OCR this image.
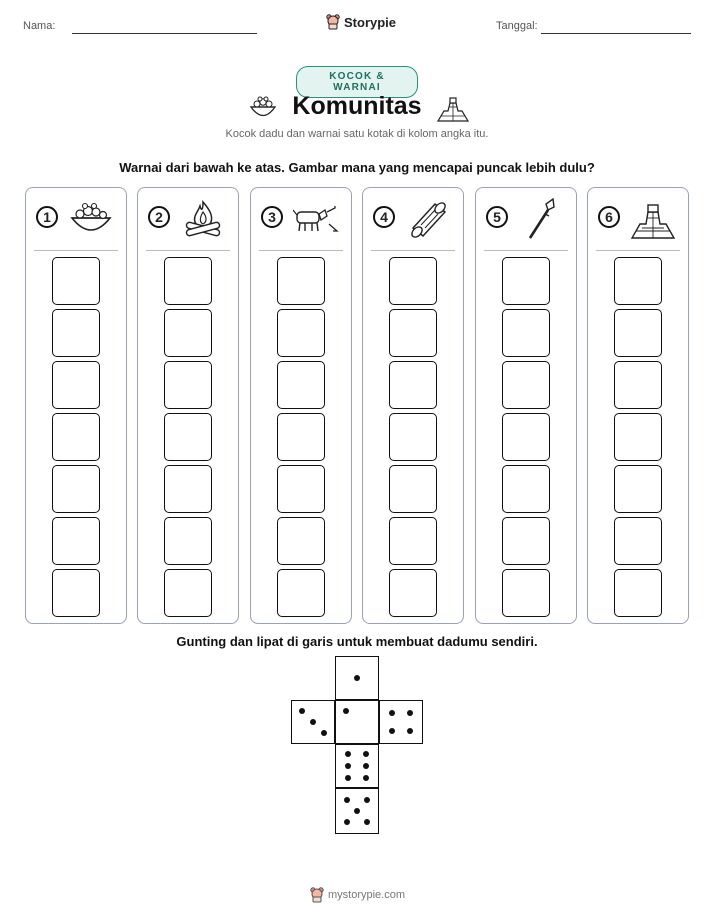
Nama:	Storypie	Tanggal:
KOCOK & WARNAI
Komunitas
Kocok dadu dan warnai satu kotak di kolom angka itu.
Warnai dari bawah ke atas. Gambar mana yang mencapai puncak lebih dulu?
1	2	3	4	5	6
Gunting dan lipat di garis untuk membuat dadumu sendiri.
mystorypie.com
